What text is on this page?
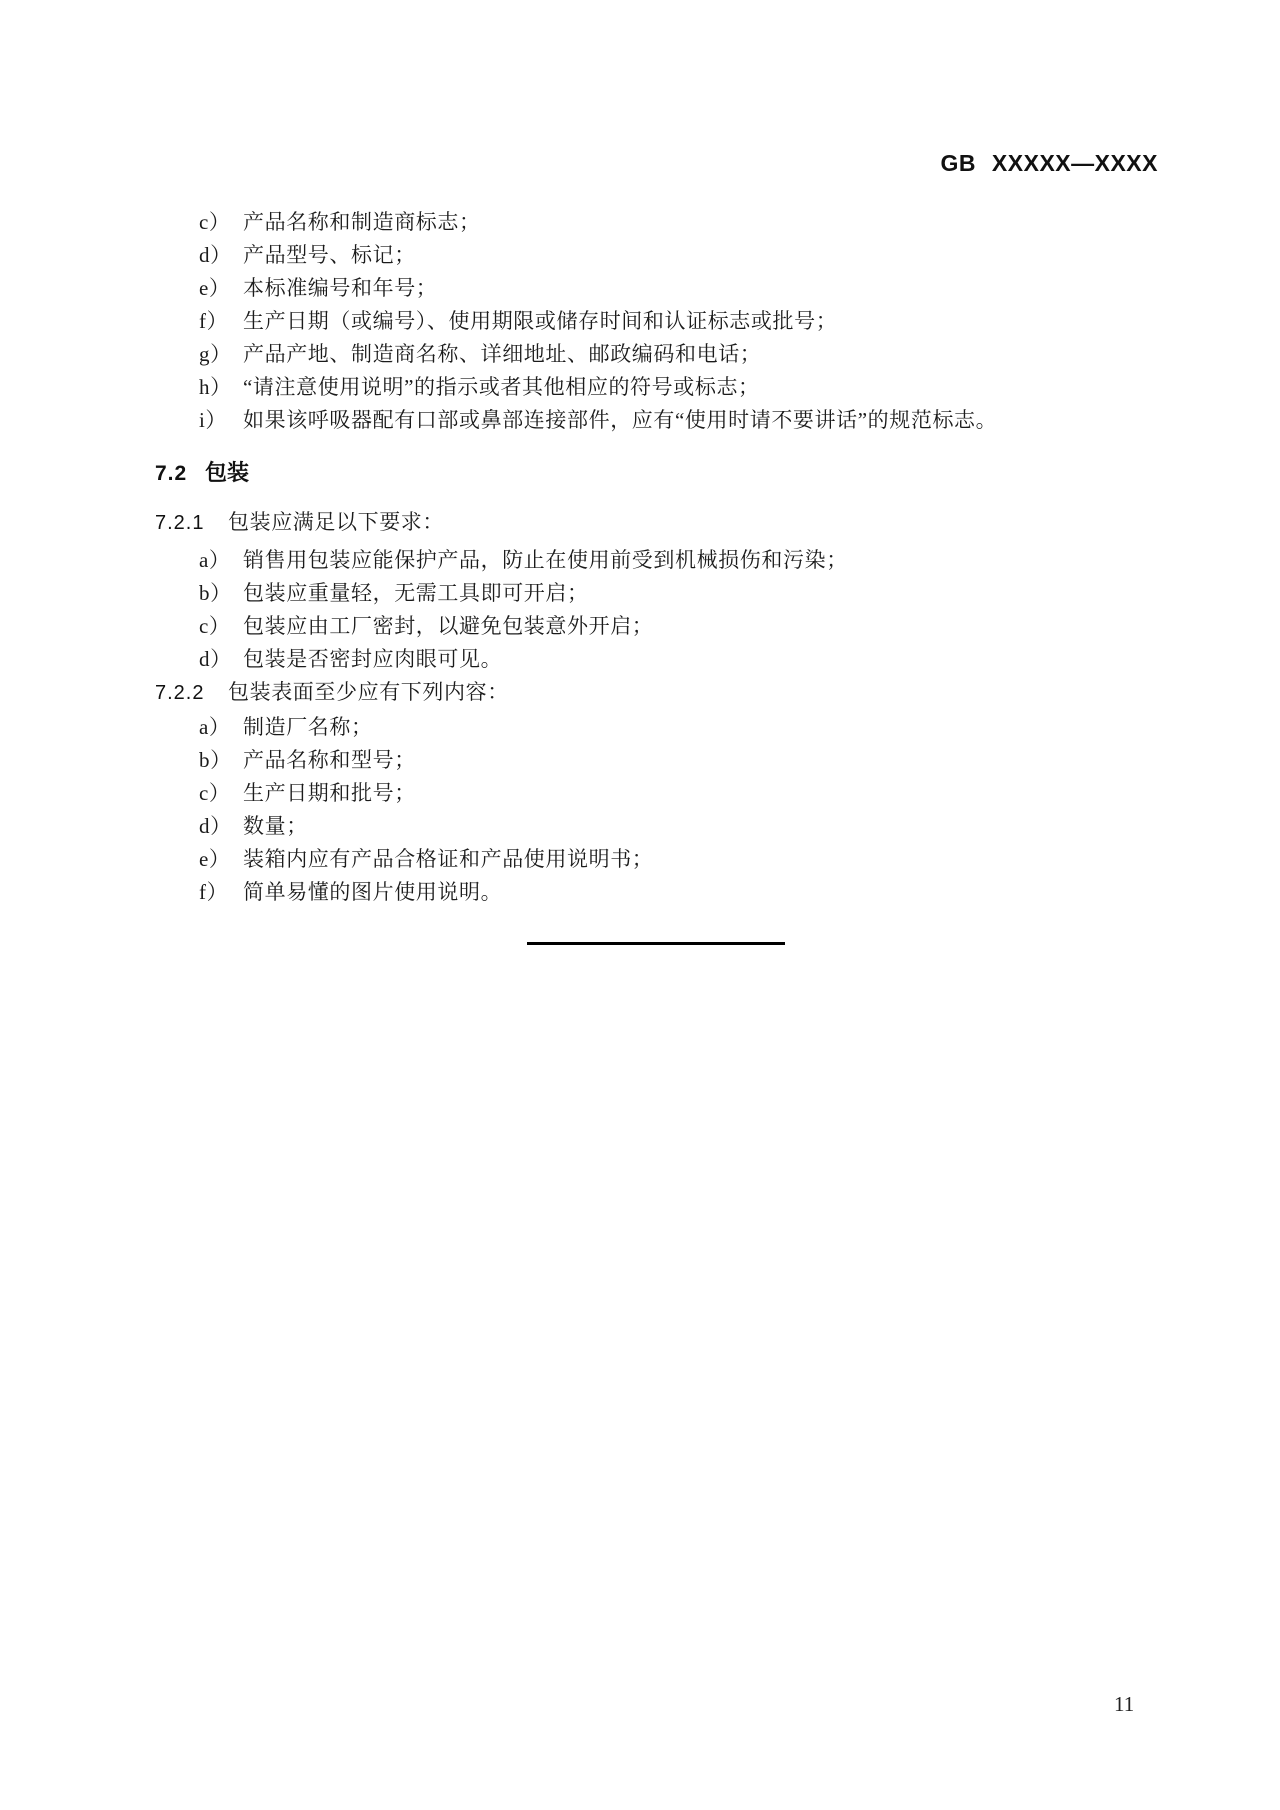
GB XXXXX—XXXX
c） 产品名称和制造商标志；
d） 产品型号、标记；
e） 本标准编号和年号；
f） 生产日期（或编号）、使用期限或储存时间和认证标志或批号；
g） 产品产地、制造商名称、详细地址、邮政编码和电话；
h） “请注意使用说明”的指示或者其他相应的符号或标志；
i） 如果该呼吸器配有口部或鼻部连接部件，应有“使用时请不要讲话”的规范标志。
7.2 包装
7.2.1 包装应满足以下要求：
a） 销售用包装应能保护产品，防止在使用前受到机械损伤和污染；
b） 包装应重量轻，无需工具即可开启；
c） 包装应由工厂密封，以避免包装意外开启；
d） 包装是否密封应肉眼可见。
7.2.2 包装表面至少应有下列内容：
a） 制造厂名称；
b） 产品名称和型号；
c） 生产日期和批号；
d） 数量；
e） 装箱内应有产品合格证和产品使用说明书；
f） 简单易懂的图片使用说明。
11
